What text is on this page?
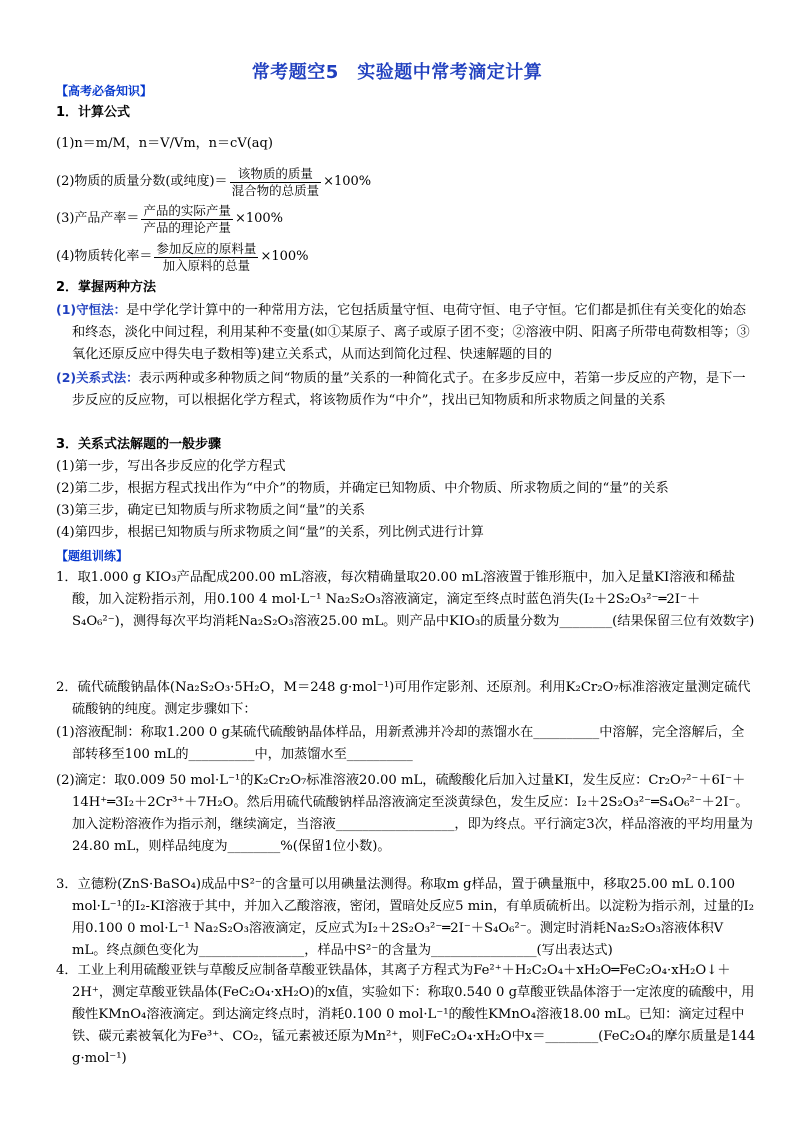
常考题空5　实验题中常考滴定计算
【高考必备知识】
1．计算公式
(1)n＝m/M，n＝V/Vm，n＝cV(aq)
(2)物质的质量分数(或纯度)＝ $\frac{\text{该物质的质量}}{\text{混合物的总质量}} \times 100\%$
(3)产品产率＝ $\frac{\text{产品的实际产量}}{\text{产品的理论产量}} \times 100\%$
(4)物质转化率＝ $\frac{\text{参加反应的原料量}}{\text{加入原料的总量}} \times 100\%$
2．掌握两种方法
(1)守恒法：是中学化学计算中的一种常用方法，它包括质量守恒、电荷守恒、电子守恒。它们都是抓住有关变化的始态和终态，淡化中间过程，利用某种不变量(如①某原子、离子或原子团不变；②溶液中阴、阳离子所带电荷数相等；③氧化还原反应中得失电子数相等)建立关系式，从而达到简化过程、快速解题的目的
(2)关系式法：表示两种或多种物质之间“物质的量”关系的一种简化式子。在多步反应中，若第一步反应的产物，是下一步反应的反应物，可以根据化学方程式，将该物质作为“中介”，找出已知物质和所求物质之间量的关系
3．关系式法解题的一般步骤
(1)第一步，写出各步反应的化学方程式
(2)第二步，根据方程式找出作为“中介”的物质，并确定已知物质、中介物质、所求物质之间的“量”的关系
(3)第三步，确定已知物质与所求物质之间“量”的关系
(4)第四步，根据已知物质与所求物质之间“量”的关系，列比例式进行计算
【题组训练】
1．取1.000 g KIO₃产品配成200.00 mL溶液，每次精确量取20.00 mL溶液置于锥形瓶中，加入足量KI溶液和稀盐酸，加入淀粉指示剂，用0.100 4 mol·L⁻¹ Na₂S₂O₃溶液滴定，滴定至终点时蓝色消失(I₂＋2S₂O₃²⁻═2I⁻＋S₄O₆²⁻)，测得每次平均消耗Na₂S₂O₃溶液25.00 mL。则产品中KIO₃的质量分数为________(结果保留三位有效数字)
2．硫代硫酸钠晶体(Na₂S₂O₃·5H₂O，M＝248 g·mol⁻¹)可用作定影剂、还原剂。利用K₂Cr₂O₇标准溶液定量测定硫代硫酸钠的纯度。测定步骤如下：
(1)溶液配制：称取1.200 0 g某硫代硫酸钠晶体样品，用新煮沸并冷却的蒸馏水在__________中溶解，完全溶解后，全部转移至100 mL的__________中，加蒸馏水至__________
(2)滴定：取0.009 50 mol·L⁻¹的K₂Cr₂O₇标准溶液20.00 mL，硫酸酸化后加入过量KI，发生反应：Cr₂O₇²⁻＋6I⁻＋14H⁺═3I₂＋2Cr³⁺＋7H₂O。然后用硫代硫酸钠样品溶液滴定至淡黄绿色，发生反应：I₂＋2S₂O₃²⁻═S₄O₆²⁻＋2I⁻。加入淀粉溶液作为指示剂，继续滴定，当溶液__________________，即为终点。平行滴定3次，样品溶液的平均用量为24.80 mL，则样品纯度为________%(保留1位小数)。
3．立德粉(ZnS·BaSO₄)成品中S²⁻的含量可以用碘量法测得。称取m g样品，置于碘量瓶中，移取25.00 mL 0.100 mol·L⁻¹的I₂-KI溶液于其中，并加入乙酸溶液，密闭，置暗处反应5 min，有单质硫析出。以淀粉为指示剂，过量的I₂用0.100 0 mol·L⁻¹ Na₂S₂O₃溶液滴定，反应式为I₂＋2S₂O₃²⁻═2I⁻＋S₄O₆²⁻。测定时消耗Na₂S₂O₃溶液体积V mL。终点颜色变化为________________，样品中S²⁻的含量为________________(写出表达式)
4．工业上利用硫酸亚铁与草酸反应制备草酸亚铁晶体，其离子方程式为Fe²⁺＋H₂C₂O₄＋xH₂O═FeC₂O₄·xH₂O↓＋2H⁺，测定草酸亚铁晶体(FeC₂O₄·xH₂O)的x值，实验如下：称取0.540 0 g草酸亚铁晶体溶于一定浓度的硫酸中，用酸性KMnO₄溶液滴定。到达滴定终点时，消耗0.100 0 mol·L⁻¹的酸性KMnO₄溶液18.00 mL。已知：滴定过程中铁、碳元素被氧化为Fe³⁺、CO₂，锰元素被还原为Mn²⁺，则FeC₂O₄·xH₂O中x＝________(FeC₂O₄的摩尔质量是144 g·mol⁻¹)
